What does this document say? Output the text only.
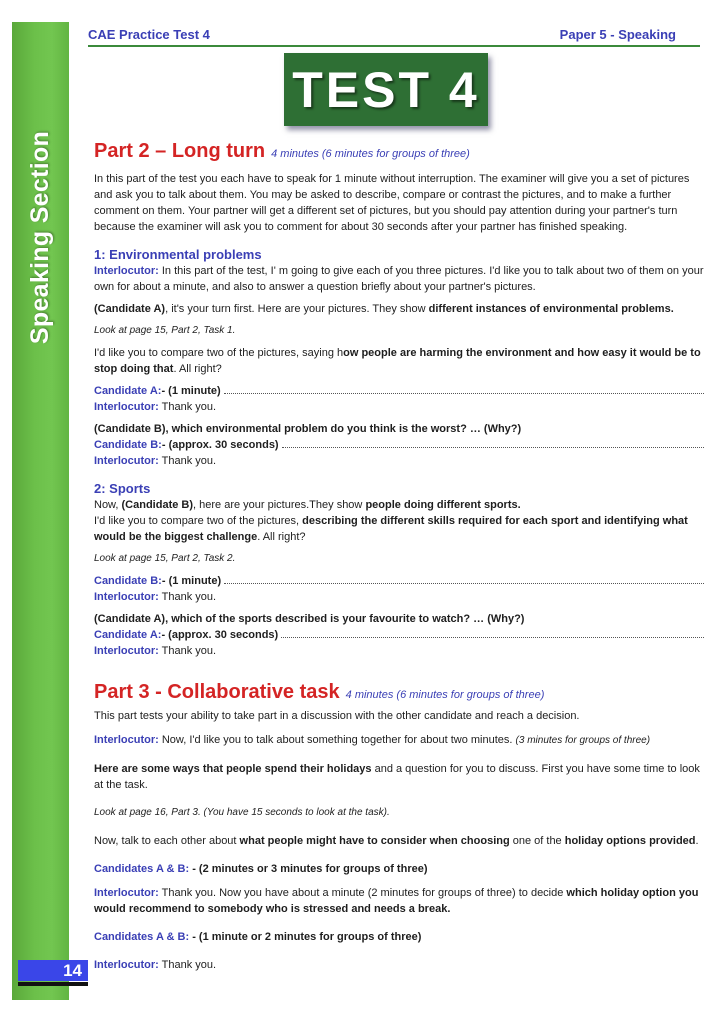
Speaking Section
14
CAE Practice Test 4	Paper 5 - Speaking
TEST 4
Part 2 – Long turn 4 minutes (6 minutes for groups of three)

In this part of the test you each have to speak for 1 minute without interruption. The examiner will give you a set of pictures and ask you to talk about them. You may be asked to describe, compare or contrast the pictures, and to make a further comment on them. Your partner will get a different set of pictures, but you should pay attention during your partner's turn because the examiner will ask you to comment for about 30 seconds after your partner has finished speaking.

1: Environmental problems

Interlocutor: In this part of the test, I' m going to give each of you three pictures. I'd like you to talk about two of them on your own for about a minute, and also to answer a question briefly about your partner's pictures.

(Candidate A), it's your turn first. Here are your pictures. They show different instances of environmental problems.

Look at page 15, Part 2, Task 1.

I'd like you to compare two of the pictures, saying how people are harming the environment and how easy it would be to stop doing that. All right?

Candidate A: - (1 minute)

Interlocutor: Thank you.

(Candidate B), which environmental problem do you think is the worst? … (Why?)

Candidate B: - (approx. 30 seconds)

Interlocutor: Thank you.

2: Sports

Now, (Candidate B), here are your pictures.They show people doing different sports.

I'd like you to compare two of the pictures, describing the different skills required for each sport and identifying what would be the biggest challenge. All right?

Look at page 15, Part 2, Task 2.

Candidate B: - (1 minute)

Interlocutor: Thank you.

(Candidate A), which of the sports described is your favourite to watch? … (Why?)

Candidate A: - (approx. 30 seconds)

Interlocutor: Thank you.

Part 3 - Collaborative task 4 minutes (6 minutes for groups of three)

This part tests your ability to take part in a discussion with the other candidate and reach a decision.

Interlocutor: Now, I'd like you to talk about something together for about two minutes. (3 minutes for groups of three)

Here are some ways that people spend their holidays and a question for you to discuss. First you have some time to look at the task.

Look at page 16, Part 3. (You have 15 seconds to look at the task).

Now, talk to each other about what people might have to consider when choosing one of the holiday options provided.

Candidates A & B: - (2 minutes or 3 minutes for groups of three)

Interlocutor: Thank you. Now you have about a minute (2 minutes for groups of three) to decide which holiday option you would recommend to somebody who is stressed and needs a break.

Candidates A & B: - (1 minute or 2 minutes for groups of three)

Interlocutor: Thank you.
